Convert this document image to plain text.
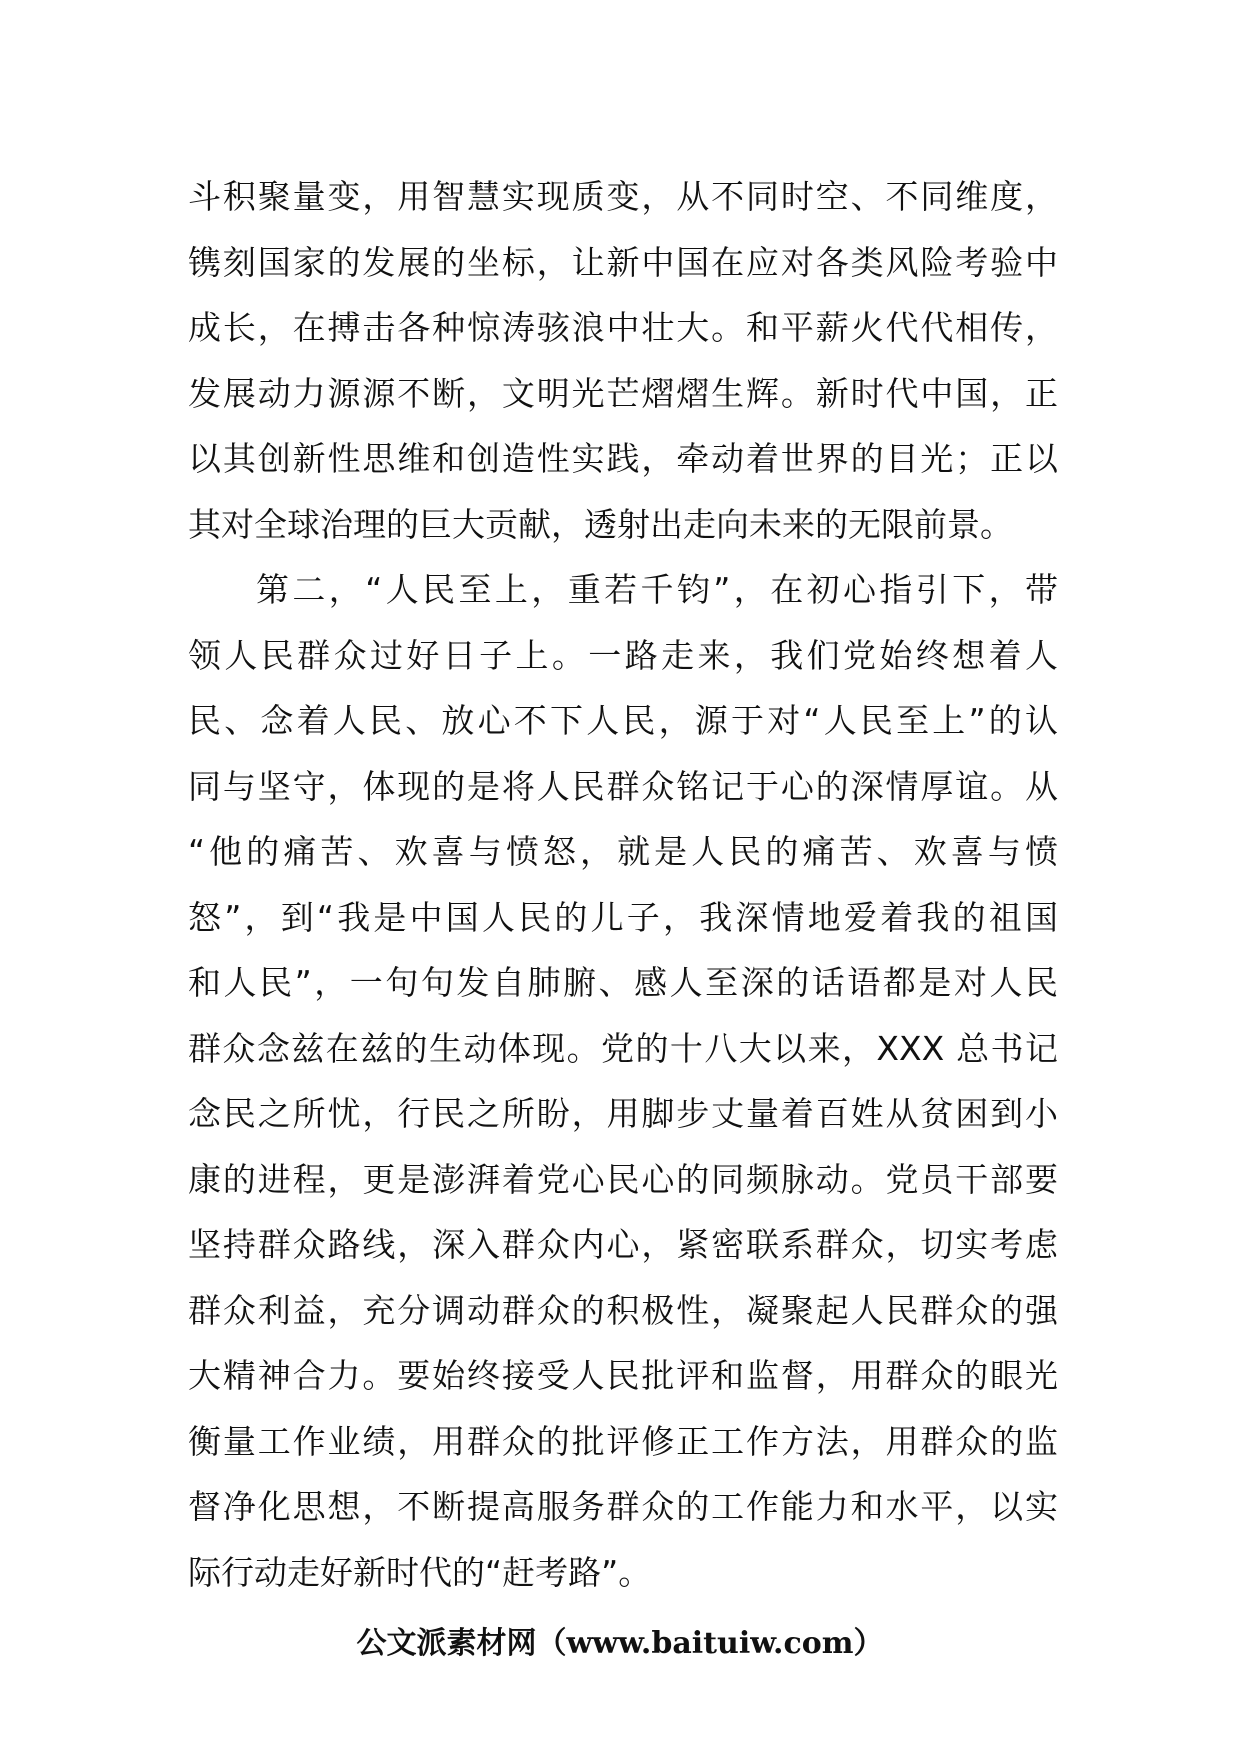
斗积聚量变，用智慧实现质变，从不同时空、不同维度，
镌刻国家的发展的坐标，让新中国在应对各类风险考验中
成长，在搏击各种惊涛骇浪中壮大。和平薪火代代相传，
发展动力源源不断，文明光芒熠熠生辉。新时代中国，正
以其创新性思维和创造性实践，牵动着世界的目光；正以
其对全球治理的巨大贡献，透射出走向未来的无限前景。
第二，“人民至上，重若千钧”，在初心指引下，带
领人民群众过好日子上。一路走来，我们党始终想着人
民、念着人民、放心不下人民，源于对“人民至上”的认
同与坚守，体现的是将人民群众铭记于心的深情厚谊。从
“他的痛苦、欢喜与愤怒，就是人民的痛苦、欢喜与愤
怒”，到“我是中国人民的儿子，我深情地爱着我的祖国
和人民”，一句句发自肺腑、感人至深的话语都是对人民
群众念兹在兹的生动体现。党的十八大以来，XXX 总书记
念民之所忧，行民之所盼，用脚步丈量着百姓从贫困到小
康的进程，更是澎湃着党心民心的同频脉动。党员干部要
坚持群众路线，深入群众内心，紧密联系群众，切实考虑
群众利益，充分调动群众的积极性，凝聚起人民群众的强
大精神合力。要始终接受人民批评和监督，用群众的眼光
衡量工作业绩，用群众的批评修正工作方法，用群众的监
督净化思想，不断提高服务群众的工作能力和水平，以实
际行动走好新时代的“赶考路”。
公文派素材网（www.baituiw.com）
